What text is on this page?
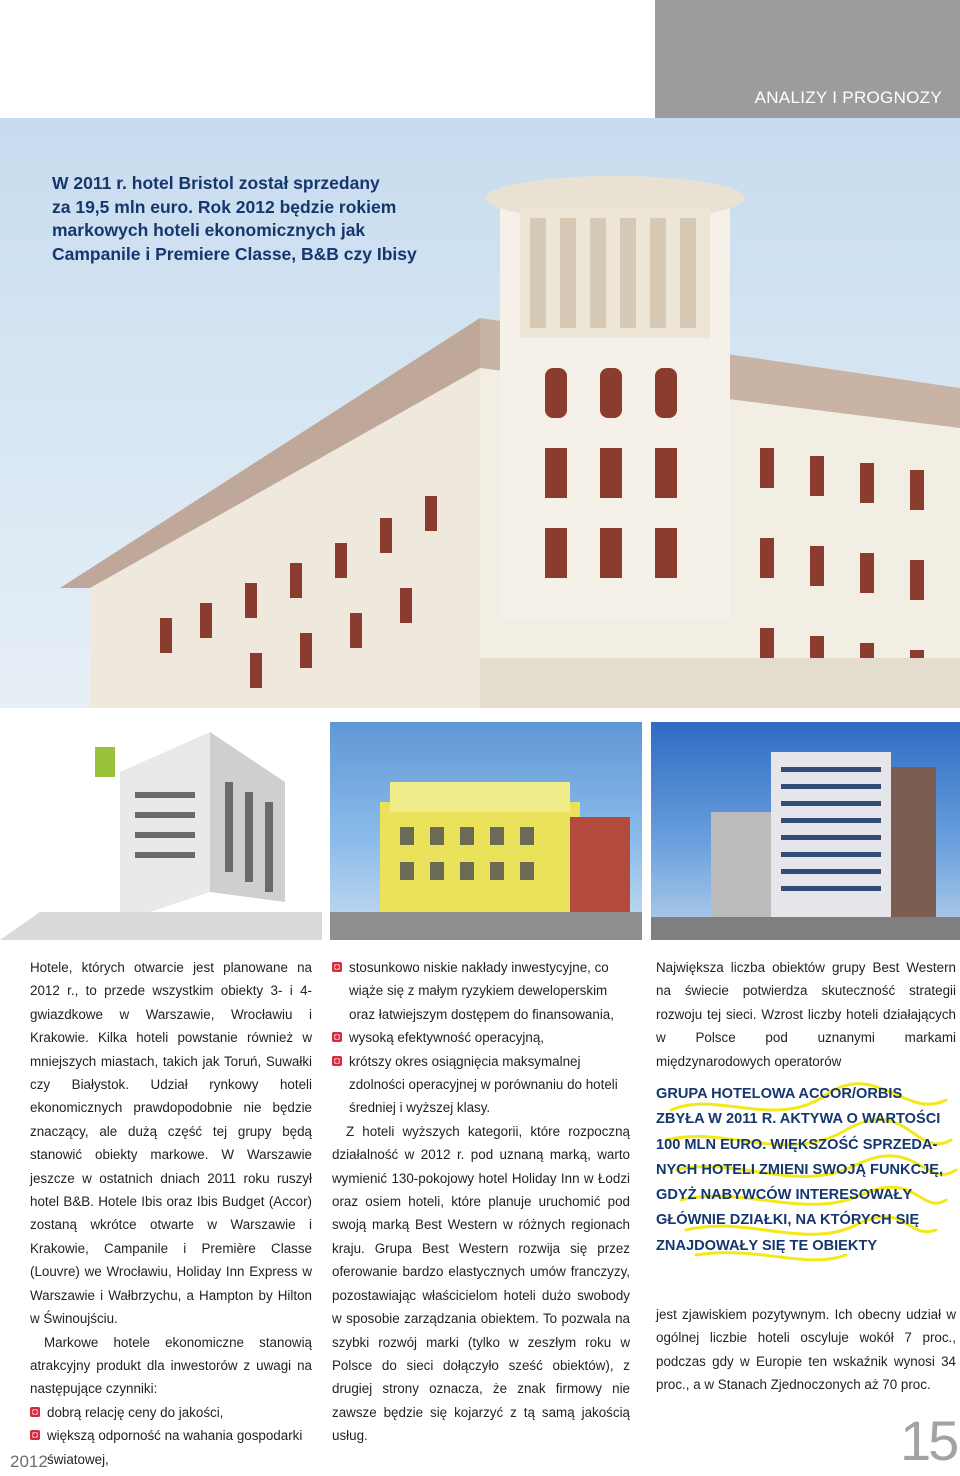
ANALIZY I PROGNOZY
W 2011 r. hotel Bristol został sprzedany
za 19,5 mln euro. Rok 2012 będzie rokiem
markowych hoteli ekonomicznych jak
Campanile i Premiere Classe, B&B czy Ibisy

Hotele, których otwarcie jest planowane na 2012 r., to przede wszystkim obiekty 3- i 4-gwiazdkowe w Warszawie, Wrocławiu i Krakowie. Kilka hoteli powstanie również w mniejszych miastach, takich jak Toruń, Suwałki czy Białystok. Udział rynkowy hoteli ekonomicznych prawdopodobnie nie będzie znaczący, ale dużą część tej grupy będą stanowić obiekty markowe. W Warszawie jeszcze w ostatnich dniach 2011 roku ruszył hotel B&B. Hotele Ibis oraz Ibis Budget (Accor) zostaną wkrótce otwarte w Warszawie i Krakowie, Campanile i Première Classe (Louvre) we Wrocławiu, Holiday Inn Express w Warszawie i Wałbrzychu, a Hampton by Hilton w Świnoujściu.

Markowe hotele ekonomiczne stanowią atrakcyjny produkt dla inwestorów z uwagi na następujące czynniki:

dobrą relację ceny do jakości,
większą odporność na wahania gospodarki światowej,
stosunkowo niskie nakłady inwestycyjne, co wiąże się z małym ryzykiem deweloperskim oraz łatwiejszym dostępem do finansowania,
wysoką efektywność operacyjną,
krótszy okres osiągnięcia maksymalnej zdolności operacyjnej w porównaniu do hoteli średniej i wyższej klasy.

Z hoteli wyższych kategorii, które rozpoczną działalność w 2012 r. pod uznaną marką, warto wymienić 130-pokojowy hotel Holiday Inn w Łodzi oraz osiem hoteli, które planuje uruchomić pod swoją marką Best Western w różnych regionach kraju. Grupa Best Western rozwija się przez oferowanie bardzo elastycznych umów franczyzy, pozostawiając właścicielom hoteli dużo swobody w sposobie zarządzania obiektem. To pozwala na szybki rozwój marki (tylko w zeszłym roku w Polsce do sieci dołączyło sześć obiektów), z drugiej strony oznacza, że znak firmowy nie zawsze będzie się kojarzyć z tą samą jakością usług.

Największa liczba obiektów grupy Best Western na świecie potwierdza skuteczność strategii rozwoju tej sieci. Wzrost liczby hoteli działających w Polsce pod uznanymi markami międzynarodowych operatorów

GRUPA HOTELOWA ACCOR/ORBIS
ZBYŁA W 2011 R. AKTYWA O WARTOŚCI
100 MLN EURO. WIĘKSZOŚĆ SPRZEDA-
NYCH HOTELI ZMIENI SWOJĄ FUNKCJĘ,
GDYŻ NABYWCÓW INTERESOWAŁY
GŁÓWNIE DZIAŁKI, NA KTÓRYCH SIĘ
ZNAJDOWAŁY SIĘ TE OBIEKTY

jest zjawiskiem pozytywnym. Ich obecny udział w ogólnej liczbie hoteli oscyluje wokół 7 proc., podczas gdy w Europie ten wskaźnik wynosi 34 proc., a w Stanach Zjednoczonych aż 70 proc.

2012	15
